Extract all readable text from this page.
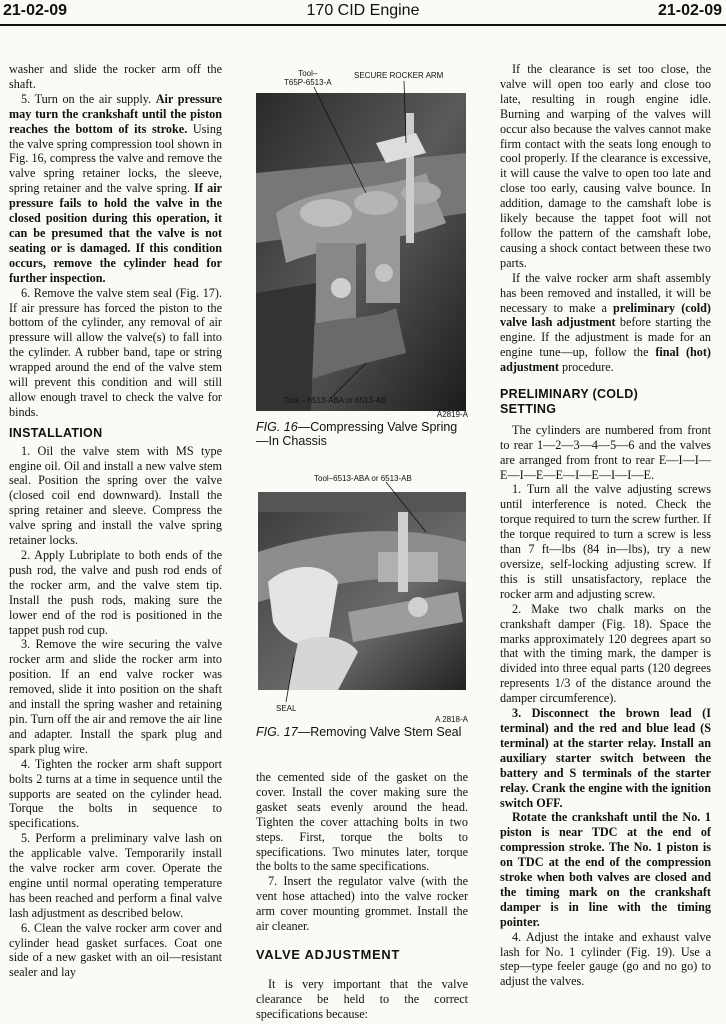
21-02-09	170 CID Engine	21-02-09

washer and slide the rocker arm off the shaft.

5. Turn on the air supply. Air pressure may turn the crankshaft until the piston reaches the bottom of its stroke. Using the valve spring compression tool shown in Fig. 16, compress the valve and remove the valve spring retainer locks, the sleeve, spring retainer and the valve spring. If air pressure fails to hold the valve in the closed position during this operation, it can be presumed that the valve is not seating or is damaged. If this condition occurs, remove the cylinder head for further inspection.

6. Remove the valve stem seal (Fig. 17). If air pressure has forced the piston to the bottom of the cylinder, any removal of air pressure will allow the valve(s) to fall into the cylinder. A rubber band, tape or string wrapped around the end of the valve stem will prevent this condition and will still allow enough travel to check the valve for binds.

INSTALLATION

1. Oil the valve stem with MS type engine oil. Oil and install a new valve stem seal. Position the spring over the valve (closed coil end downward). Install the spring retainer and sleeve. Compress the valve spring and install the valve spring retainer locks.

2. Apply Lubriplate to both ends of the push rod, the valve and push rod ends of the rocker arm, and the valve stem tip. Install the push rods, making sure the lower end of the rod is positioned in the tappet push rod cup.

3. Remove the wire securing the valve rocker arm and slide the rocker arm into position. If an end valve rocker was removed, slide it into position on the shaft and install the spring washer and retaining pin. Turn off the air and remove the air line and adapter. Install the spark plug and spark plug wire.

4. Tighten the rocker arm shaft support bolts 2 turns at a time in sequence until the supports are seated on the cylinder head. Torque the bolts in sequence to specifications.

5. Perform a preliminary valve lash on the applicable valve. Temporarily install the valve rocker arm cover. Operate the engine until normal operating temperature has been reached and perform a final valve lash adjustment as described below.

6. Clean the valve rocker arm cover and cylinder head gasket surfaces. Coat one side of a new gasket with an oil—resistant sealer and lay

Tool–
T65P-6513-A
SECURE ROCKER ARM
Tool – 6513-ABA or 6513-AB
A2819-A
FIG. 16—Compressing Valve Spring—In Chassis
Tool–6513-ABA or 6513-AB
SEAL
A 2818-A
FIG. 17—Removing Valve Stem Seal

the cemented side of the gasket on the cover. Install the cover making sure the gasket seats evenly around the head. Tighten the cover attaching bolts in two steps. First, torque the bolts to specifications. Two minutes later, torque the bolts to the same specifications.

7. Insert the regulator valve (with the vent hose attached) into the valve rocker arm cover mounting grommet. Install the air cleaner.

VALVE ADJUSTMENT

It is very important that the valve clearance be held to the correct specifications because:

If the clearance is set too close, the valve will open too early and close too late, resulting in rough engine idle. Burning and warping of the valves will occur also because the valves cannot make firm contact with the seats long enough to cool properly. If the clearance is excessive, it will cause the valve to open too late and close too early, causing valve bounce. In addition, damage to the camshaft lobe is likely because the tappet foot will not follow the pattern of the camshaft lobe, causing a shock contact between these two parts.

If the valve rocker arm shaft assembly has been removed and installed, it will be necessary to make a preliminary (cold) valve lash adjustment before starting the engine. If the adjustment is made for an engine tune—up, follow the final (hot) adjustment procedure.

PRELIMINARY (COLD)
SETTING

The cylinders are numbered from front to rear 1—2—3—4—5—6 and the valves are arranged from front to rear E—I—I—E—I—E—E—I—E—I—I—E.

1. Turn all the valve adjusting screws until interference is noted. Check the torque required to turn the screw further. If the torque required to turn a screw is less than 7 ft—lbs (84 in—lbs), try a new oversize, self-locking adjusting screw. If this is still unsatisfactory, replace the rocker arm and adjusting screw.

2. Make two chalk marks on the crankshaft damper (Fig. 18). Space the marks approximately 120 degrees apart so that with the timing mark, the damper is divided into three equal parts (120 degrees represents 1/3 of the distance around the damper circumference).

3. Disconnect the brown lead (I terminal) and the red and blue lead (S terminal) at the starter relay. Install an auxiliary starter switch between the battery and S terminals of the starter relay. Crank the engine with the ignition switch OFF.

Rotate the crankshaft until the No. 1 piston is near TDC at the end of compression stroke. The No. 1 piston is on TDC at the end of the compression stroke when both valves are closed and the timing mark on the crankshaft damper is in line with the timing pointer.

4. Adjust the intake and exhaust valve lash for No. 1 cylinder (Fig. 19). Use a step—type feeler gauge (go and no go) to adjust the valves.
